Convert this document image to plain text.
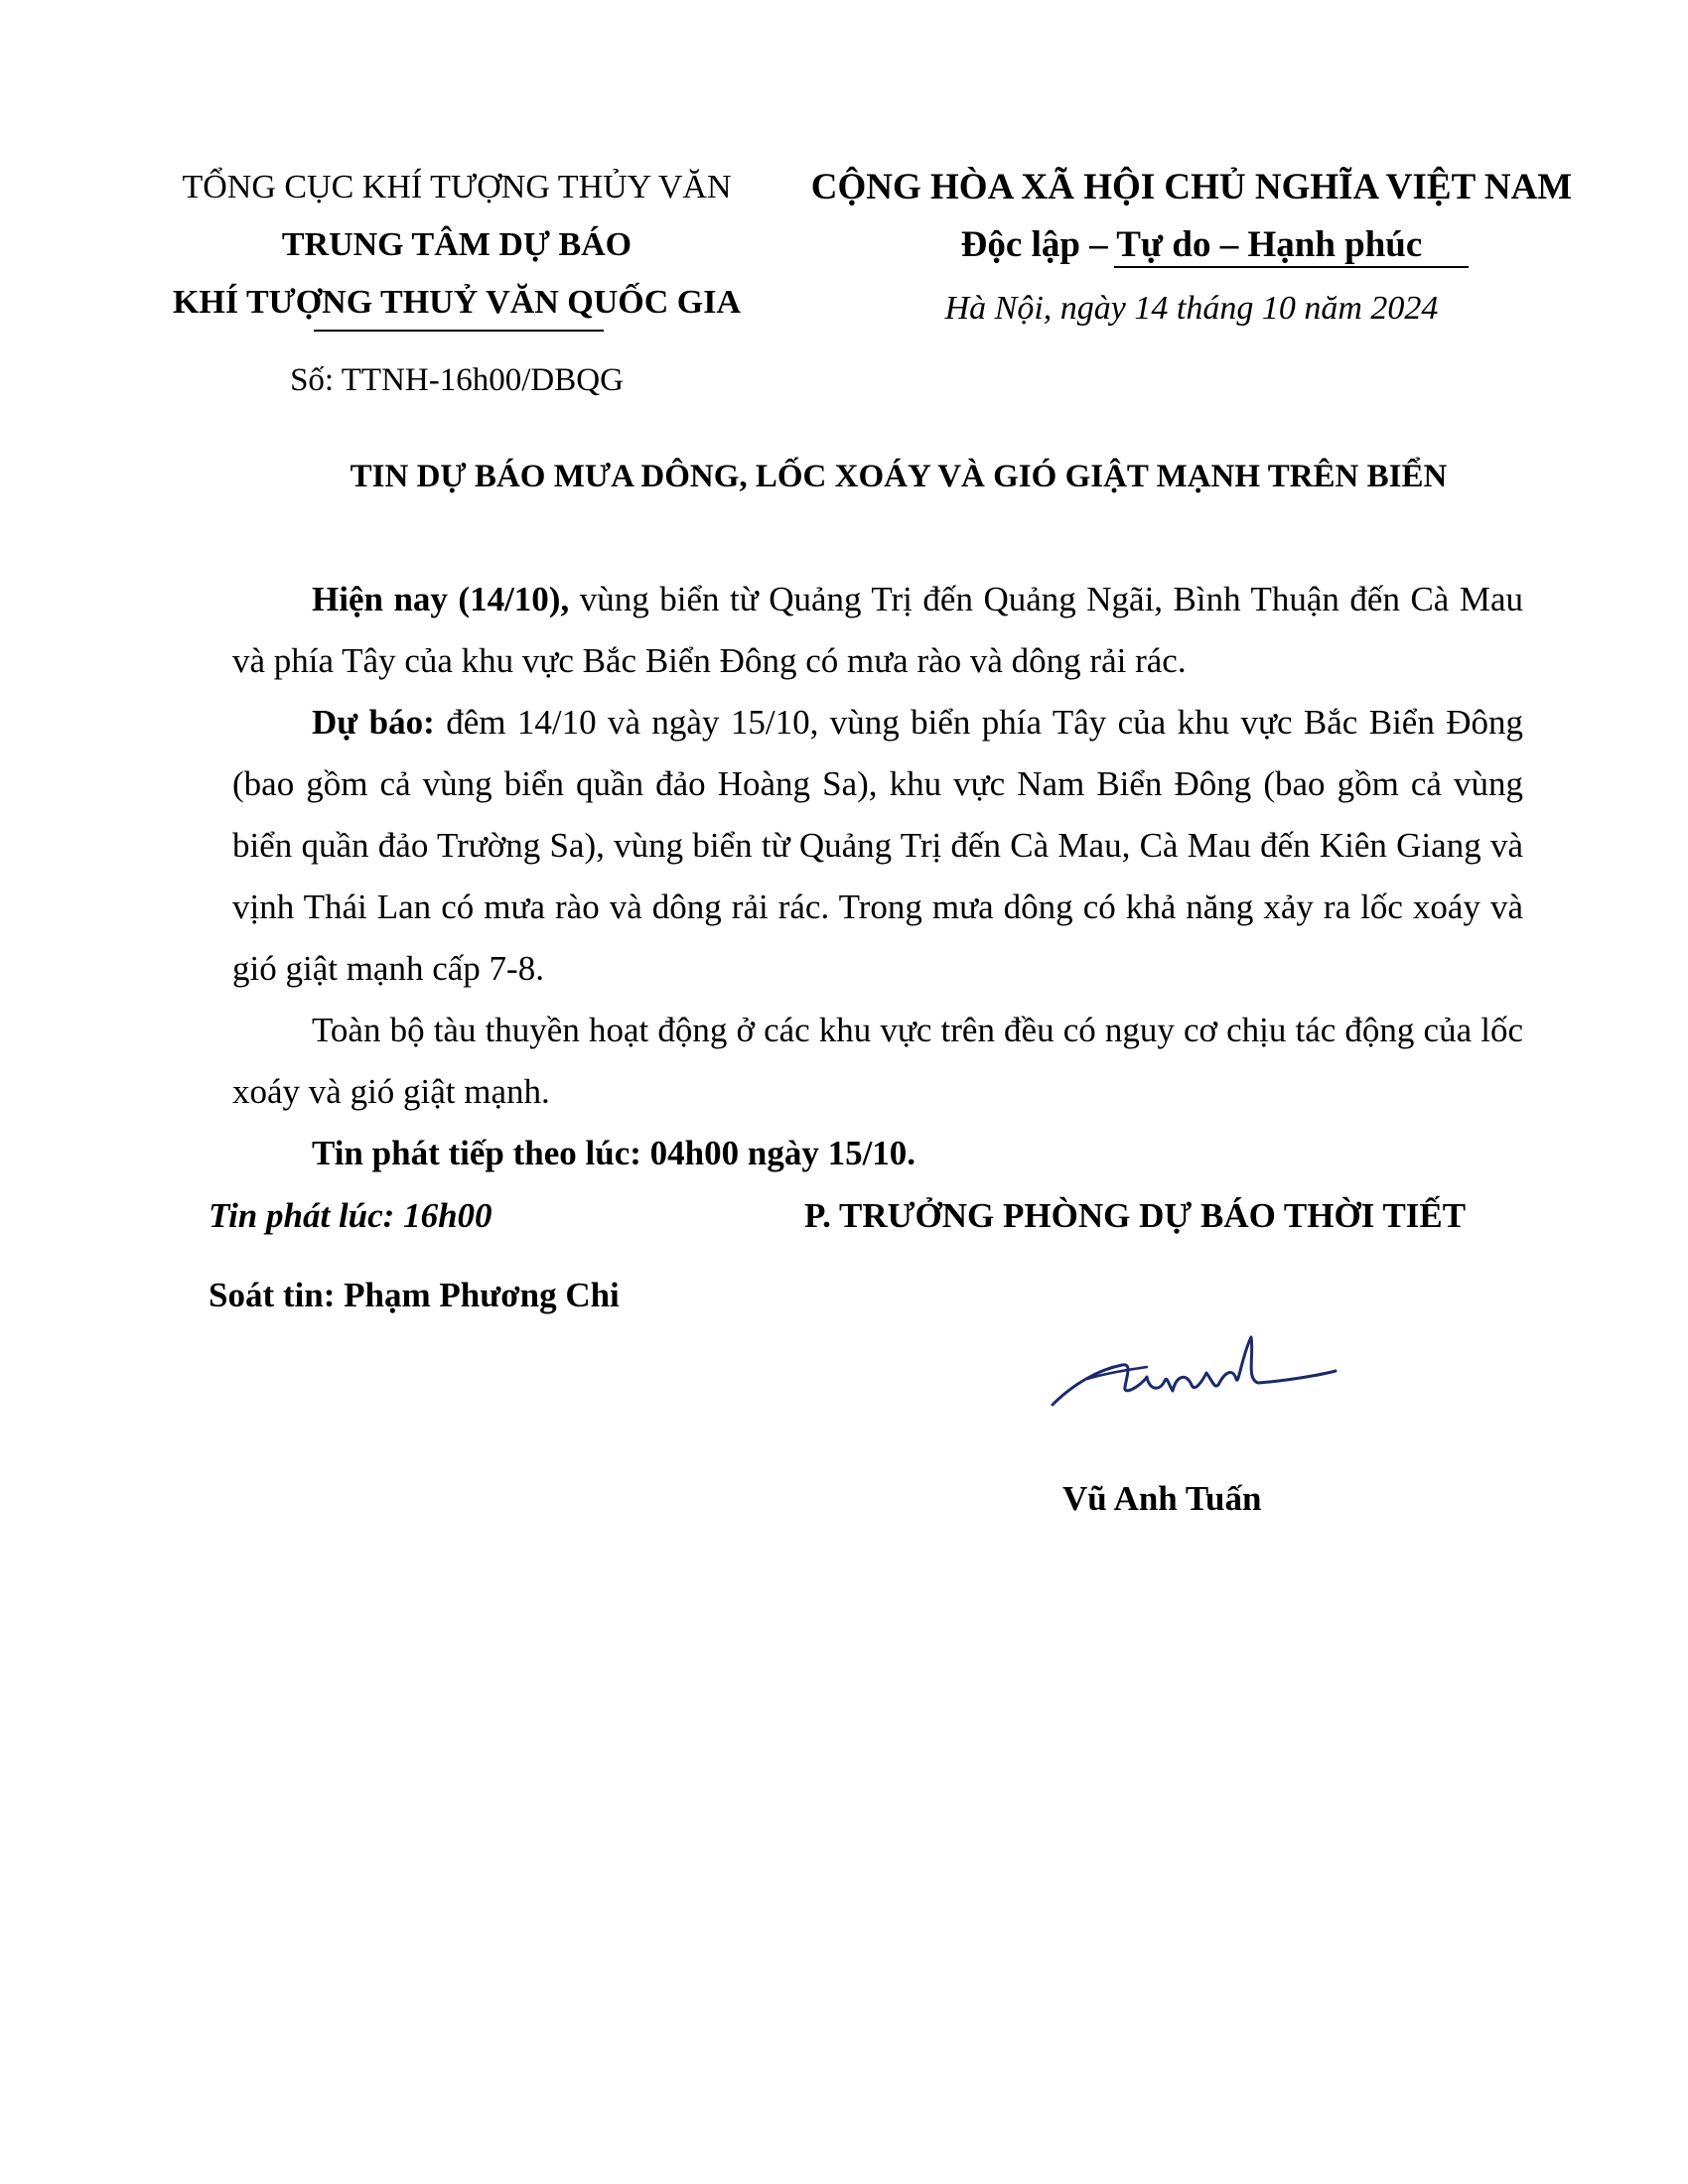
TỔNG CỤC KHÍ TƯỢNG THỦY VĂN
TRUNG TÂM DỰ BÁO
KHÍ TƯỢNG THUỶ VĂN QUỐC GIA
Số: TTNH-16h00/DBQG
CỘNG HÒA XÃ HỘI CHỦ NGHĨA VIỆT NAM
Độc lập – Tự do – Hạnh phúc
Hà Nội, ngày 14 tháng 10 năm 2024
TIN DỰ BÁO MƯA DÔNG, LỐC XOÁY VÀ GIÓ GIẬT MẠNH TRÊN BIỂN

Hiện nay (14/10), vùng biển từ Quảng Trị đến Quảng Ngãi, Bình Thuận đến Cà Mau và phía Tây của khu vực Bắc Biển Đông có mưa rào và dông rải rác.

Dự báo: đêm 14/10 và ngày 15/10, vùng biển phía Tây của khu vực Bắc Biển Đông (bao gồm cả vùng biển quần đảo Hoàng Sa), khu vực Nam Biển Đông (bao gồm cả vùng biển quần đảo Trường Sa), vùng biển từ Quảng Trị đến Cà Mau, Cà Mau đến Kiên Giang và vịnh Thái Lan có mưa rào và dông rải rác. Trong mưa dông có khả năng xảy ra lốc xoáy và gió giật mạnh cấp 7-8.

Toàn bộ tàu thuyền hoạt động ở các khu vực trên đều có nguy cơ chịu tác động của lốc xoáy và gió giật mạnh.

Tin phát tiếp theo lúc: 04h00 ngày 15/10.

Tin phát lúc: 16h00
Soát tin: Phạm Phương Chi
P. TRƯỞNG PHÒNG DỰ BÁO THỜI TIẾT
Vũ Anh Tuấn
